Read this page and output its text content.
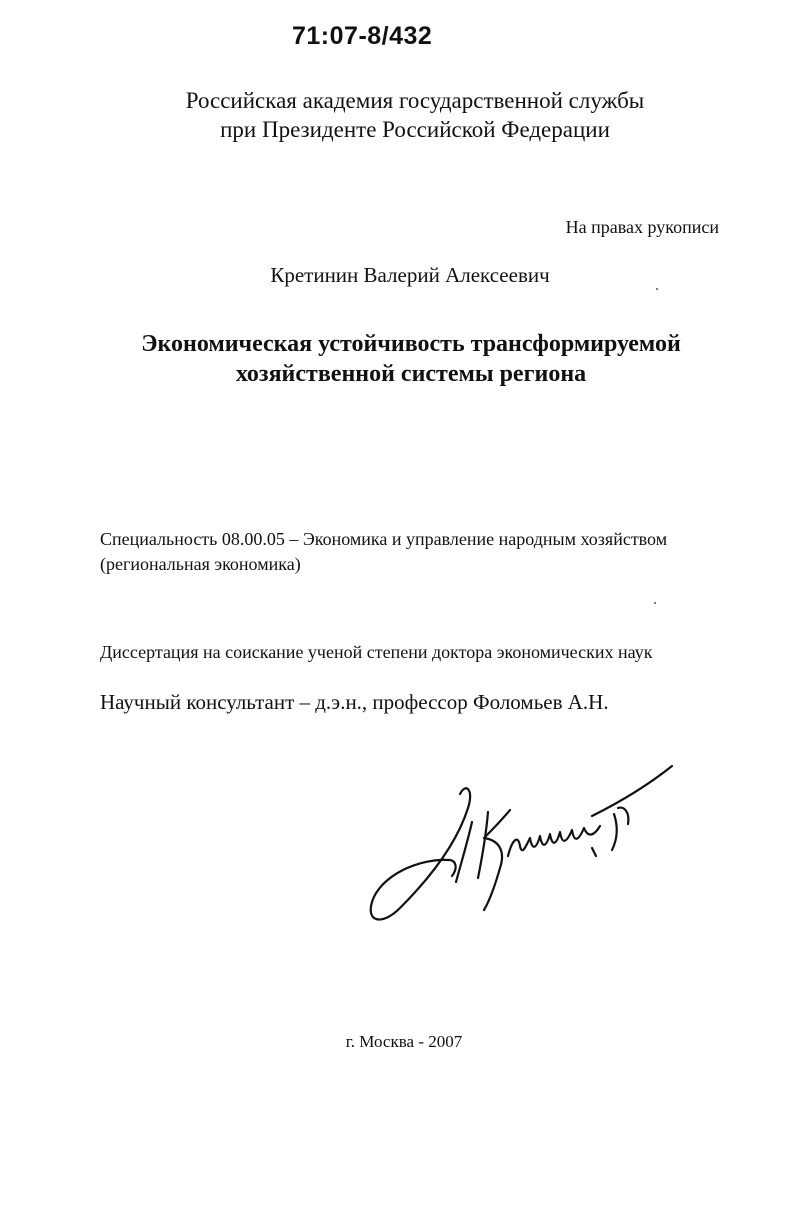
71:07-8/432
Российская академия государственной службы
при Президенте Российской Федерации
На правах рукописи
Кретинин Валерий Алексеевич
Экономическая устойчивость трансформируемой
хозяйственной системы региона
Специальность 08.00.05 – Экономика и управление народным хозяйством
(региональная экономика)
Диссертация на соискание ученой степени доктора экономических наук
Научный консультант – д.э.н., профессор Фоломьев А.Н.
г. Москва - 2007
